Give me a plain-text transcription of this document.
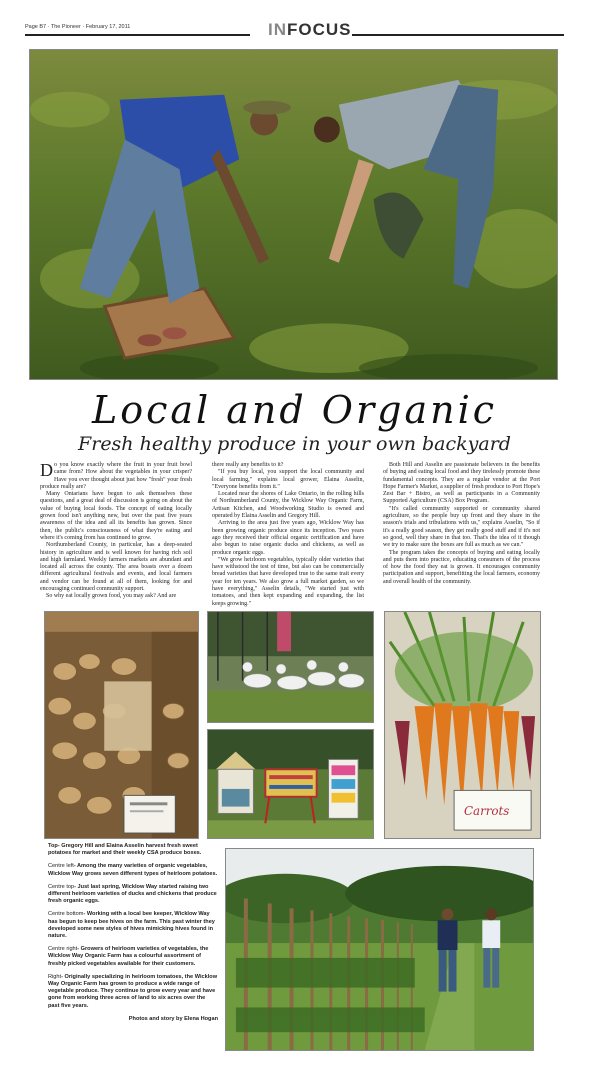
Page B7 · The Pioneer · February 17, 2011	INFOCUS
Local and Organic
Fresh healthy produce in your own backyard

Do you know exactly where the fruit in your fruit bowl came from? How about the vegetables in your crisper? Have you ever thought about just how "fresh" your fresh produce really are?

Many Ontarians have begun to ask themselves these questions, and a great deal of discussion is going on about the value of buying local foods. The concept of eating locally grown food isn't anything new, but over the past five years awareness of the idea and all its benefits has grown. Since then, the public's consciousness of what they're eating and where it's coming from has continued to grow.

Northumberland County, in particular, has a deep-seated history in agriculture and is well known for having rich soil and high farmland. Weekly farmers markets are abundant and located all across the county. The area boasts over a dozen different agricultural festivals and events, and local farmers and vendor can be found at all of them, looking for and encouraging continued community support.

So why eat locally grown food, you may ask? And are

there really any benefits to it?

"If you buy local, you support the local community and local farming," explains local grower, Elaina Asselin, "Everyone benefits from it."

Located near the shores of Lake Ontario, in the rolling hills of Northumberland County, the Wicklow Way Organic Farm, Artisan Kitchen, and Woodworking Studio is owned and operated by Elaina Asselin and Gregory Hill.

Arriving to the area just five years ago, Wicklow Way has been growing organic produce since its inception. Two years ago they received their official organic certification and have also begun to raise organic ducks and chickens, as well as produce organic eggs.

"We grow heirloom vegetables, typically older varieties that have withstood the test of time, but also can be commercially bread varieties that have developed true to the same trait every year for ten years. We also grow a full market garden, so we have everything," Asselin details, "We started just with tomatoes, and then kept expanding and expanding, the list keeps growing."

Both Hill and Asselin are passionate believers in the benefits of buying and eating local food and they tirelessly promote these fundamental concepts. They are a regular vendor at the Port Hope Farmer's Market, a supplier of fresh produce to Port Hope's Zest Bar + Bistro, as well as participants in a Community Supported Agriculture (CSA) Box Program.

"It's called community supported or community shared agriculture, so the people buy up front and they share in the season's trials and tribulations with us," explains Asselin, "So if it's a really good season, they get really good stuff and if it's not so good, well they share in that too. That's the idea of it though we try to make sure the boxes are full as much as we can."

The program takes the concepts of buying and eating locally and puts them into practice, educating consumers of the process of how the food they eat is grown. It encourages community participation and support, benefitting the local farmers, economy and overall health of the community.

Carrots

Top- Gregory Hill and Elaina Asselin harvest fresh sweet potatoes for market and their weekly CSA produce boxes.

Centre left- Among the many varieties of organic vegetables, Wicklow Way grows seven different types of heirloom potatoes.

Centre top- Just last spring, Wicklow Way started raising two different heirloom varieties of ducks and chickens that produce fresh organic eggs.

Centre bottom- Working with a local bee keeper, Wicklow Way has begun to keep bee hives on the farm. This past winter they developed some new styles of hives mimicking hives found in nature.

Centre right- Growers of heirloom varieties of vegetables, the Wicklow Way Organic Farm has a colourful assortment of freshly picked vegetables available for their customers.

Right- Originally specializing in heirloom tomatoes, the Wicklow Way Organic Farm has grown to produce a wide range of vegetable produce. They continue to grow every year and have gone from working three acres of land to six acres over the past five years.

Photos and story by Elena Hogan
